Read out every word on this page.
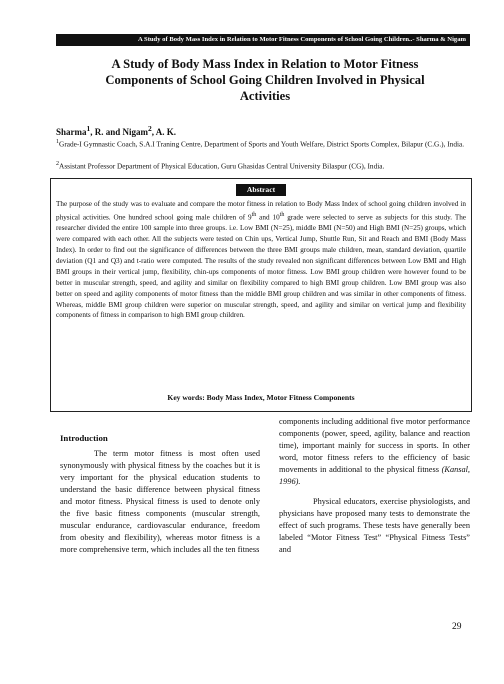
A Study of Body Mass Index in Relation to Motor Fitness Components of School Going Children..- Sharma & Nigam
A Study of Body Mass Index in Relation to Motor Fitness
Components of School Going Children Involved in Physical
Activities
Sharma$^1$, R. and Nigam$^2$, A. K.
$^1$Grade-I Gymnastic Coach, S.A.I Traning Centre, Department of Sports and Youth Welfare, District Sports Complex, Bilapur (C.G.), India.
$^2$Assistant Professor Department of Physical Education, Guru Ghasidas Central University Bilaspur (CG), India.
Abstract
The purpose of the study was to evaluate and compare the motor fitness in relation to Body Mass Index of school going children involved in physical activities. One hundred school going male children of 9th and 10th grade were selected to serve as subjects for this study. The researcher divided the entire 100 sample into three groups. i.e. Low BMI (N=25), middle BMI (N=50) and High BMI (N=25) groups, which were compared with each other. All the subjects were tested on Chin ups, Vertical Jump, Shuttle Run, Sit and Reach and BMI (Body Mass Index). In order to find out the significance of differences between the three BMI groups male children, mean, standard deviation, quartile deviation (Q1 and Q3) and t-ratio were computed. The results of the study revealed non significant differences between Low BMI and High BMI groups in their vertical jump, flexibility, chin-ups components of motor fitness. Low BMI group children were however found to be better in muscular strength, speed, and agility and similar on flexibility compared to high BMI group children. Low BMI group was also better on speed and agility components of motor fitness than the middle BMI group children and was similar in other components of fitness. Whereas, middle BMI group children were superior on muscular strength, speed, and agility and similar on vertical jump and flexibility components of fitness in comparison to high BMI group children.
Key words: Body Mass Index, Motor Fitness Components
Introduction

The term motor fitness is most often used synonymously with physical fitness by the coaches but it is very important for the physical education students to understand the basic difference between physical fitness and motor fitness. Physical fitness is used to denote only the five basic fitness components (muscular strength, muscular endurance, cardiovascular endurance, freedom from obesity and flexibility), whereas motor fitness is a more comprehensive term, which includes all the ten fitness

components including additional five motor performance components (power, speed, agility, balance and reaction time), important mainly for success in sports. In other word, motor fitness refers to the efficiency of basic movements in additional to the physical fitness (Kansal, 1996).

Physical educators, exercise physiologists, and physicians have proposed many tests to demonstrate the effect of such programs. These tests have generally been labeled “Motor Fitness Test” “Physical Fitness Tests” and

29
